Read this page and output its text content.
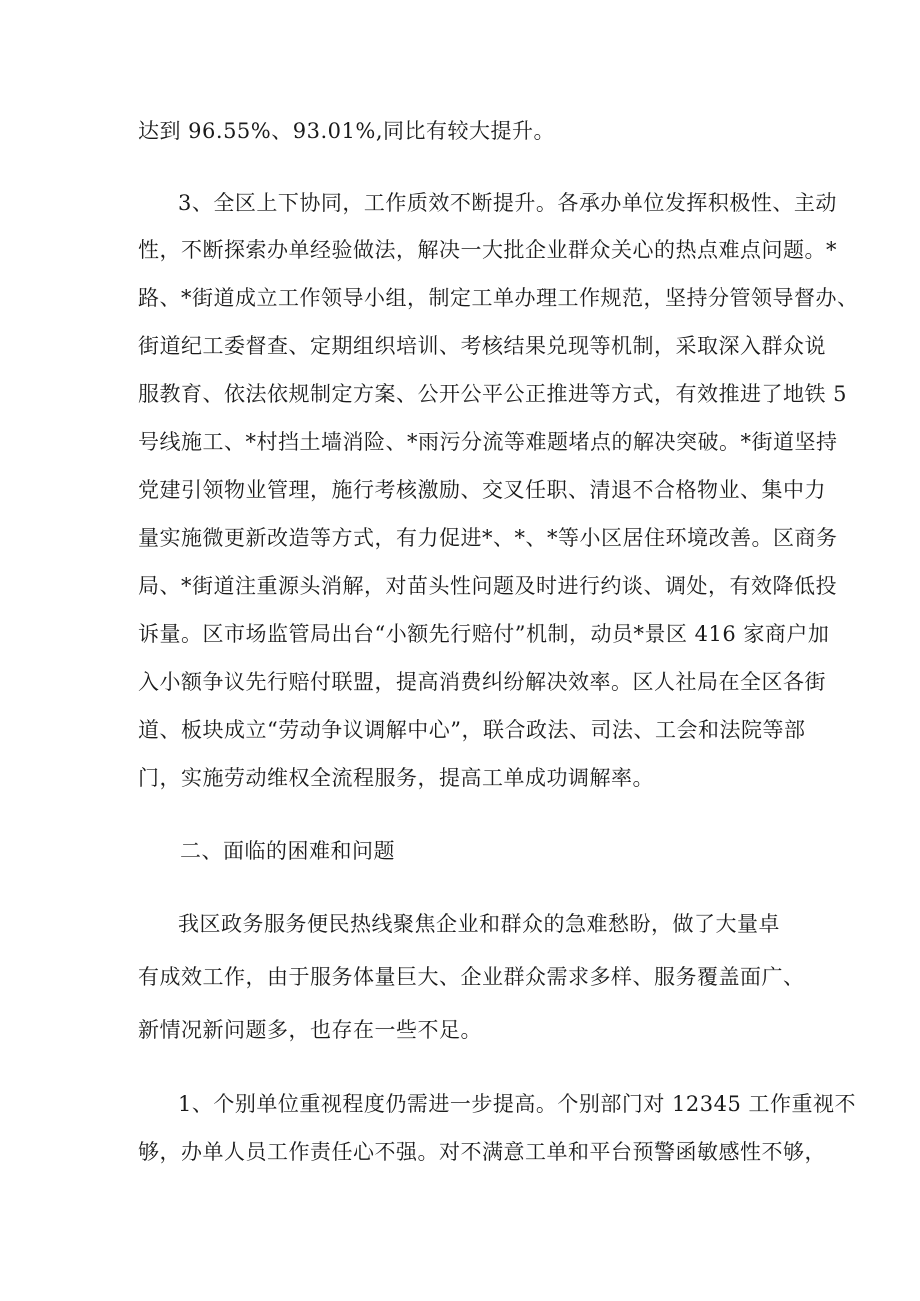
达到 96.55%、93.01%,同比有较大提升。
3、全区上下协同，工作质效不断提升。各承办单位发挥积极性、主动
性，不断探索办单经验做法，解决一大批企业群众关心的热点难点问题。*
路、*街道成立工作领导小组，制定工单办理工作规范，坚持分管领导督办、
街道纪工委督查、定期组织培训、考核结果兑现等机制，采取深入群众说
服教育、依法依规制定方案、公开公平公正推进等方式，有效推进了地铁 5
号线施工、*村挡土墙消险、*雨污分流等难题堵点的解决突破。*街道坚持
党建引领物业管理，施行考核激励、交叉任职、清退不合格物业、集中力
量实施微更新改造等方式，有力促进*、*、*等小区居住环境改善。区商务
局、*街道注重源头消解，对苗头性问题及时进行约谈、调处，有效降低投
诉量。区市场监管局出台“小额先行赔付”机制，动员*景区 416 家商户加
入小额争议先行赔付联盟，提高消费纠纷解决效率。区人社局在全区各街
道、板块成立“劳动争议调解中心”，联合政法、司法、工会和法院等部
门，实施劳动维权全流程服务，提高工单成功调解率。
二、面临的困难和问题
我区政务服务便民热线聚焦企业和群众的急难愁盼，做了大量卓
有成效工作，由于服务体量巨大、企业群众需求多样、服务覆盖面广、
新情况新问题多，也存在一些不足。
1、个别单位重视程度仍需进一步提高。个别部门对 12345 工作重视不
够，办单人员工作责任心不强。对不满意工单和平台预警函敏感性不够，
